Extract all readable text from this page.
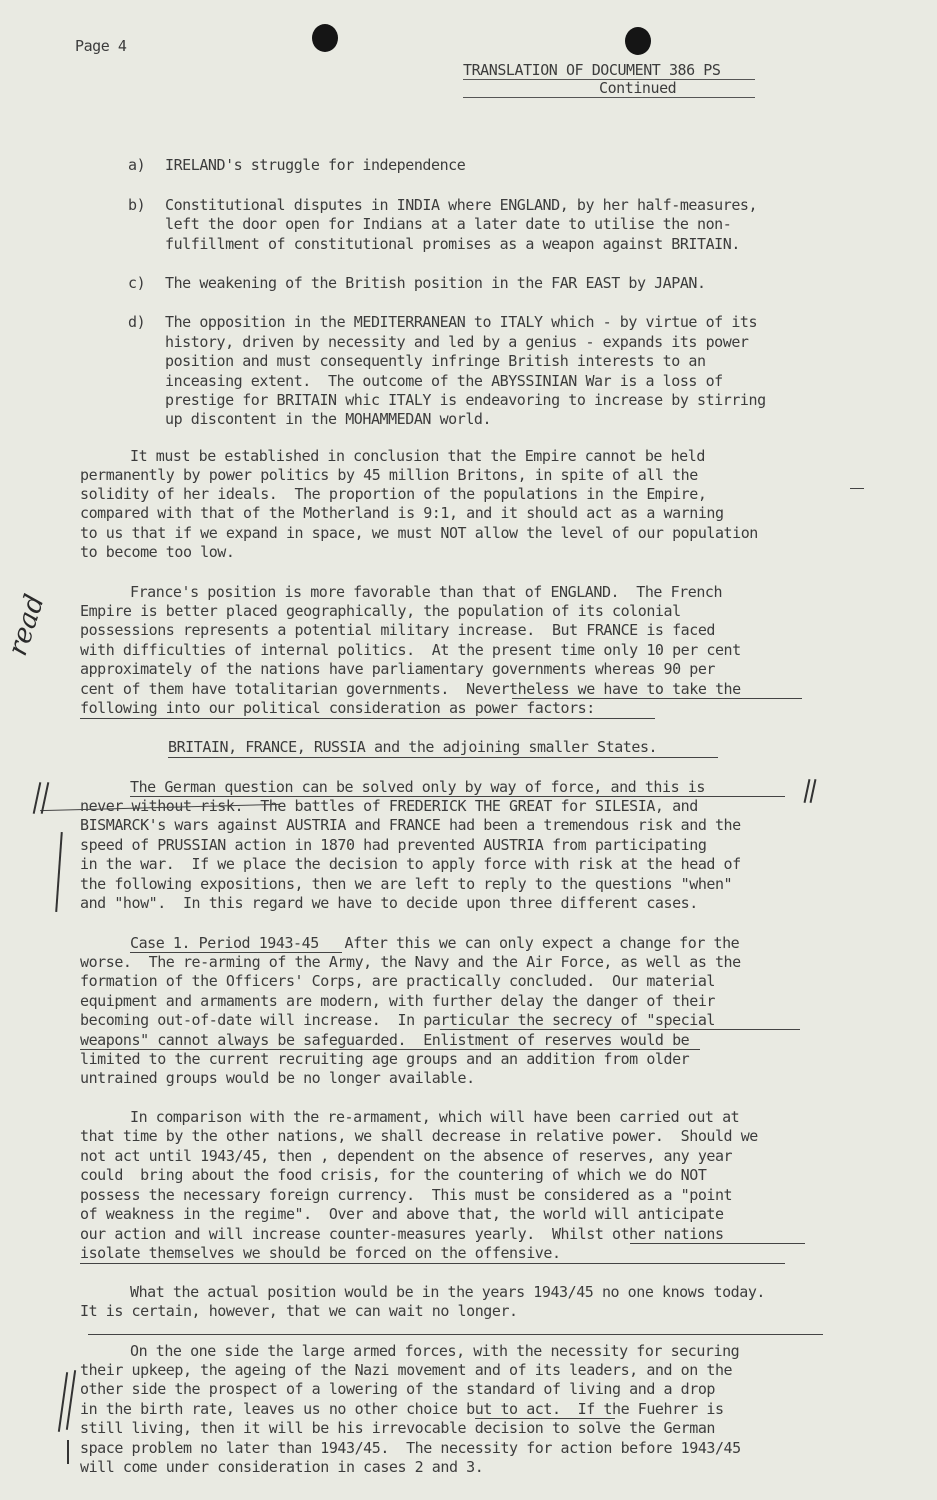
Page 4
TRANSLATION OF DOCUMENT 386 PS
Continued
a) IRELAND's struggle for independence
b) Constitutional disputes in INDIA where ENGLAND, by her half-measures,
left the door open for Indians at a later date to utilise the non-
fulfillment of constitutional promises as a weapon against BRITAIN.
c) The weakening of the British position in the FAR EAST by JAPAN.
d) The opposition in the MEDITERRANEAN to ITALY which - by virtue of its
history, driven by necessity and led by a genius - expands its power
position and must consequently infringe British interests to an
inceasing extent.  The outcome of the ABYSSINIAN War is a loss of
prestige for BRITAIN whic ITALY is endeavoring to increase by stirring
up discontent in the MOHAMMEDAN world.
It must be established in conclusion that the Empire cannot be held
permanently by power politics by 45 million Britons, in spite of all the
solidity of her ideals.  The proportion of the populations in the Empire,
compared with that of the Motherland is 9:1, and it should act as a warning
to us that if we expand in space, we must NOT allow the level of our population
to become too low.
France's position is more favorable than that of ENGLAND.  The French
Empire is better placed geographically, the population of its colonial
possessions represents a potential military increase.  But FRANCE is faced
with difficulties of internal politics.  At the present time only 10 per cent
approximately of the nations have parliamentary governments whereas 90 per
cent of them have totalitarian governments.  Nevertheless we have to take the
following into our political consideration as power factors:
BRITAIN, FRANCE, RUSSIA and the adjoining smaller States.
The German question can be solved only by way of force, and this is
never without risk.  The battles of FREDERICK THE GREAT for SILESIA, and
BISMARCK's wars against AUSTRIA and FRANCE had been a tremendous risk and the
speed of PRUSSIAN action in 1870 had prevented AUSTRIA from participating
in the war.  If we place the decision to apply force with risk at the head of
the following expositions, then we are left to reply to the questions "when"
and "how".  In this regard we have to decide upon three different cases.
Case 1. Period 1943-45   After this we can only expect a change for the
worse.  The re-arming of the Army, the Navy and the Air Force, as well as the
formation of the Officers' Corps, are practically concluded.  Our material
equipment and armaments are modern, with further delay the danger of their
becoming out-of-date will increase.  In particular the secrecy of "special
weapons" cannot always be safeguarded.  Enlistment of reserves would be
limited to the current recruiting age groups and an addition from older
untrained groups would be no longer available.
In comparison with the re-armament, which will have been carried out at
that time by the other nations, we shall decrease in relative power.  Should we
not act until 1943/45, then , dependent on the absence of reserves, any year
could  bring about the food crisis, for the countering of which we do NOT
possess the necessary foreign currency.  This must be considered as a "point
of weakness in the regime".  Over and above that, the world will anticipate
our action and will increase counter-measures yearly.  Whilst other nations
isolate themselves we should be forced on the offensive.
What the actual position would be in the years 1943/45 no one knows today.
It is certain, however, that we can wait no longer.
On the one side the large armed forces, with the necessity for securing
their upkeep, the ageing of the Nazi movement and of its leaders, and on the
other side the prospect of a lowering of the standard of living and a drop
in the birth rate, leaves us no other choice but to act.  If the Fuehrer is
still living, then it will be his irrevocable decision to solve the German
space problem no later than 1943/45.  The necessity for action before 1943/45
will come under consideration in cases 2 and 3.
read
